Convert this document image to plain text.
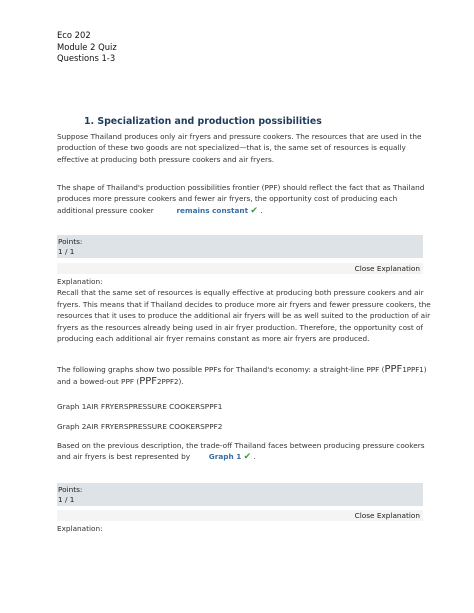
Eco 202
Module 2 Quiz
Questions 1-3
1. Specialization and production possibilities

Suppose Thailand produces only air fryers and pressure cookers. The resources that are used in the
production of these two goods are not specialized—that is, the same set of resources is equally
effective at producing both pressure cookers and air fryers.

The shape of Thailand's production possibilities frontier (PPF) should reflect the fact that as Thailand
produces more pressure cookers and fewer air fryers, the opportunity cost of producing each
additional pressure cooker	remains constant ✔ .

Points:
1 / 1
Close Explanation

Explanation:
Recall that the same set of resources is equally effective at producing both pressure cookers and air
fryers. This means that if Thailand decides to produce more air fryers and fewer pressure cookers, the
resources that it uses to produce the additional air fryers will be as well suited to the production of air
fryers as the resources already being used in air fryer production. Therefore, the opportunity cost of
producing each additional air fryer remains constant as more air fryers are produced.

The following graphs show two possible PPFs for Thailand's economy: a straight-line PPF (PPF1PPF1)
and a bowed-out PPF (PPF2PPF2).

Graph 1AIR FRYERSPRESSURE COOKERSPPF1

Graph 2AIR FRYERSPRESSURE COOKERSPPF2

Based on the previous description, the trade-off Thailand faces between producing pressure cookers
and air fryers is best represented by	Graph 1 ✔ .

Points:
1 / 1
Close Explanation

Explanation:
